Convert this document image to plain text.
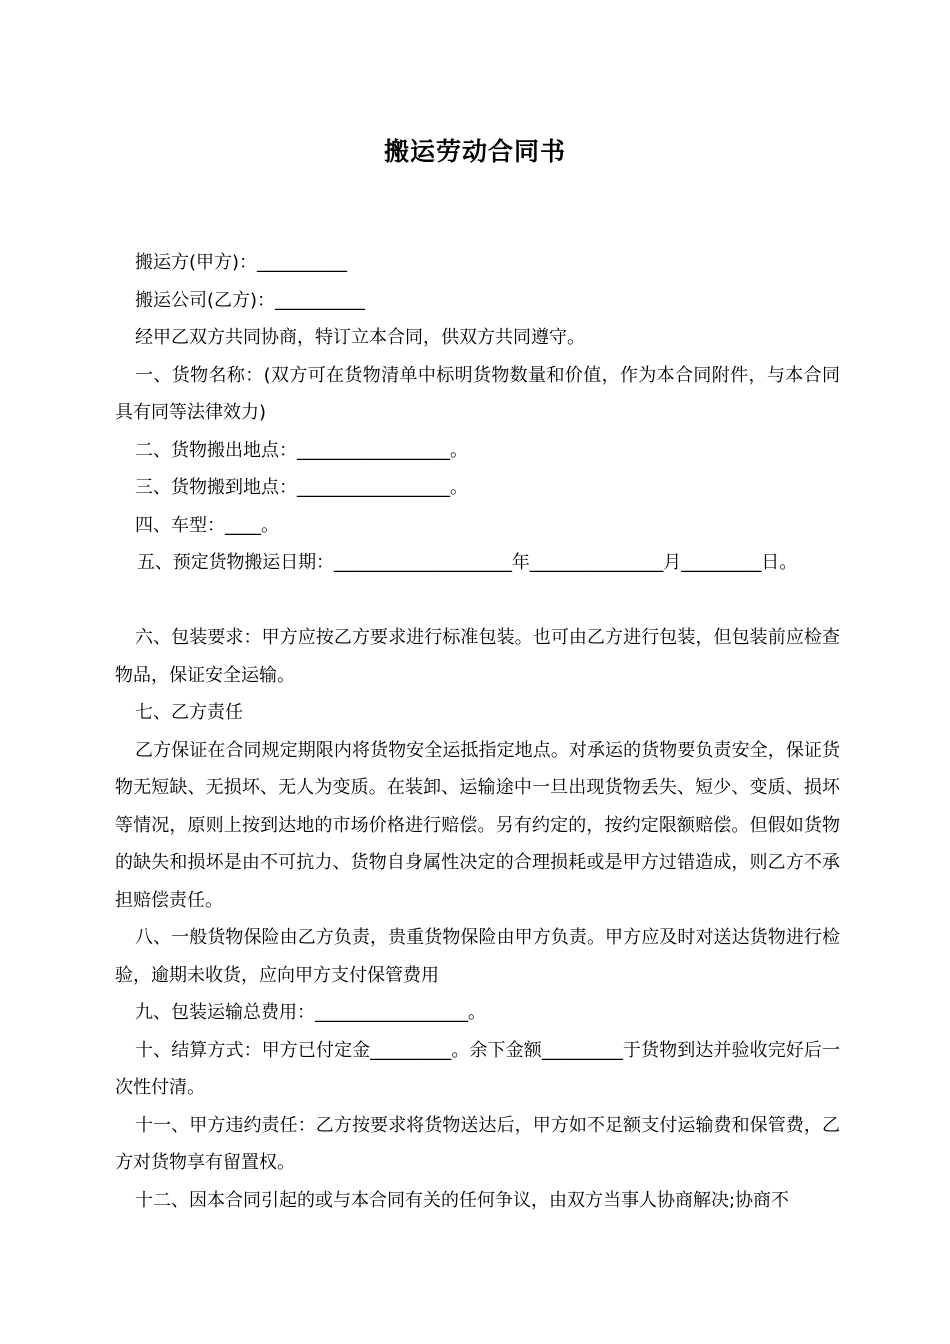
搬运劳动合同书

搬运方(甲方)：__________

搬运公司(乙方)：__________

经甲乙双方共同协商，特订立本合同，供双方共同遵守。

一、货物名称：(双方可在货物清单中标明货物数量和价值，作为本合同附件，与本合同具有同等法律效力)

二、货物搬出地点：_________________。

三、货物搬到地点：_________________。

四、车型：____。

五、预定货物搬运日期：____________________年_______________月_________日。

六、包装要求：甲方应按乙方要求进行标准包装。也可由乙方进行包装，但包装前应检查物品，保证安全运输。

七、乙方责任

乙方保证在合同规定期限内将货物安全运抵指定地点。对承运的货物要负责安全，保证货物无短缺、无损坏、无人为变质。在装卸、运输途中一旦出现货物丢失、短少、变质、损坏等情况，原则上按到达地的市场价格进行赔偿。另有约定的，按约定限额赔偿。但假如货物的缺失和损坏是由不可抗力、货物自身属性决定的合理损耗或是甲方过错造成，则乙方不承担赔偿责任。

八、一般货物保险由乙方负责，贵重货物保险由甲方负责。甲方应及时对送达货物进行检验，逾期未收货，应向甲方支付保管费用

九、包装运输总费用：_________________。

十、结算方式：甲方已付定金_________。余下金额_________于货物到达并验收完好后一次性付清。

十一、甲方违约责任：乙方按要求将货物送达后，甲方如不足额支付运输费和保管费，乙方对货物享有留置权。

十二、因本合同引起的或与本合同有关的任何争议，由双方当事人协商解决;协商不
